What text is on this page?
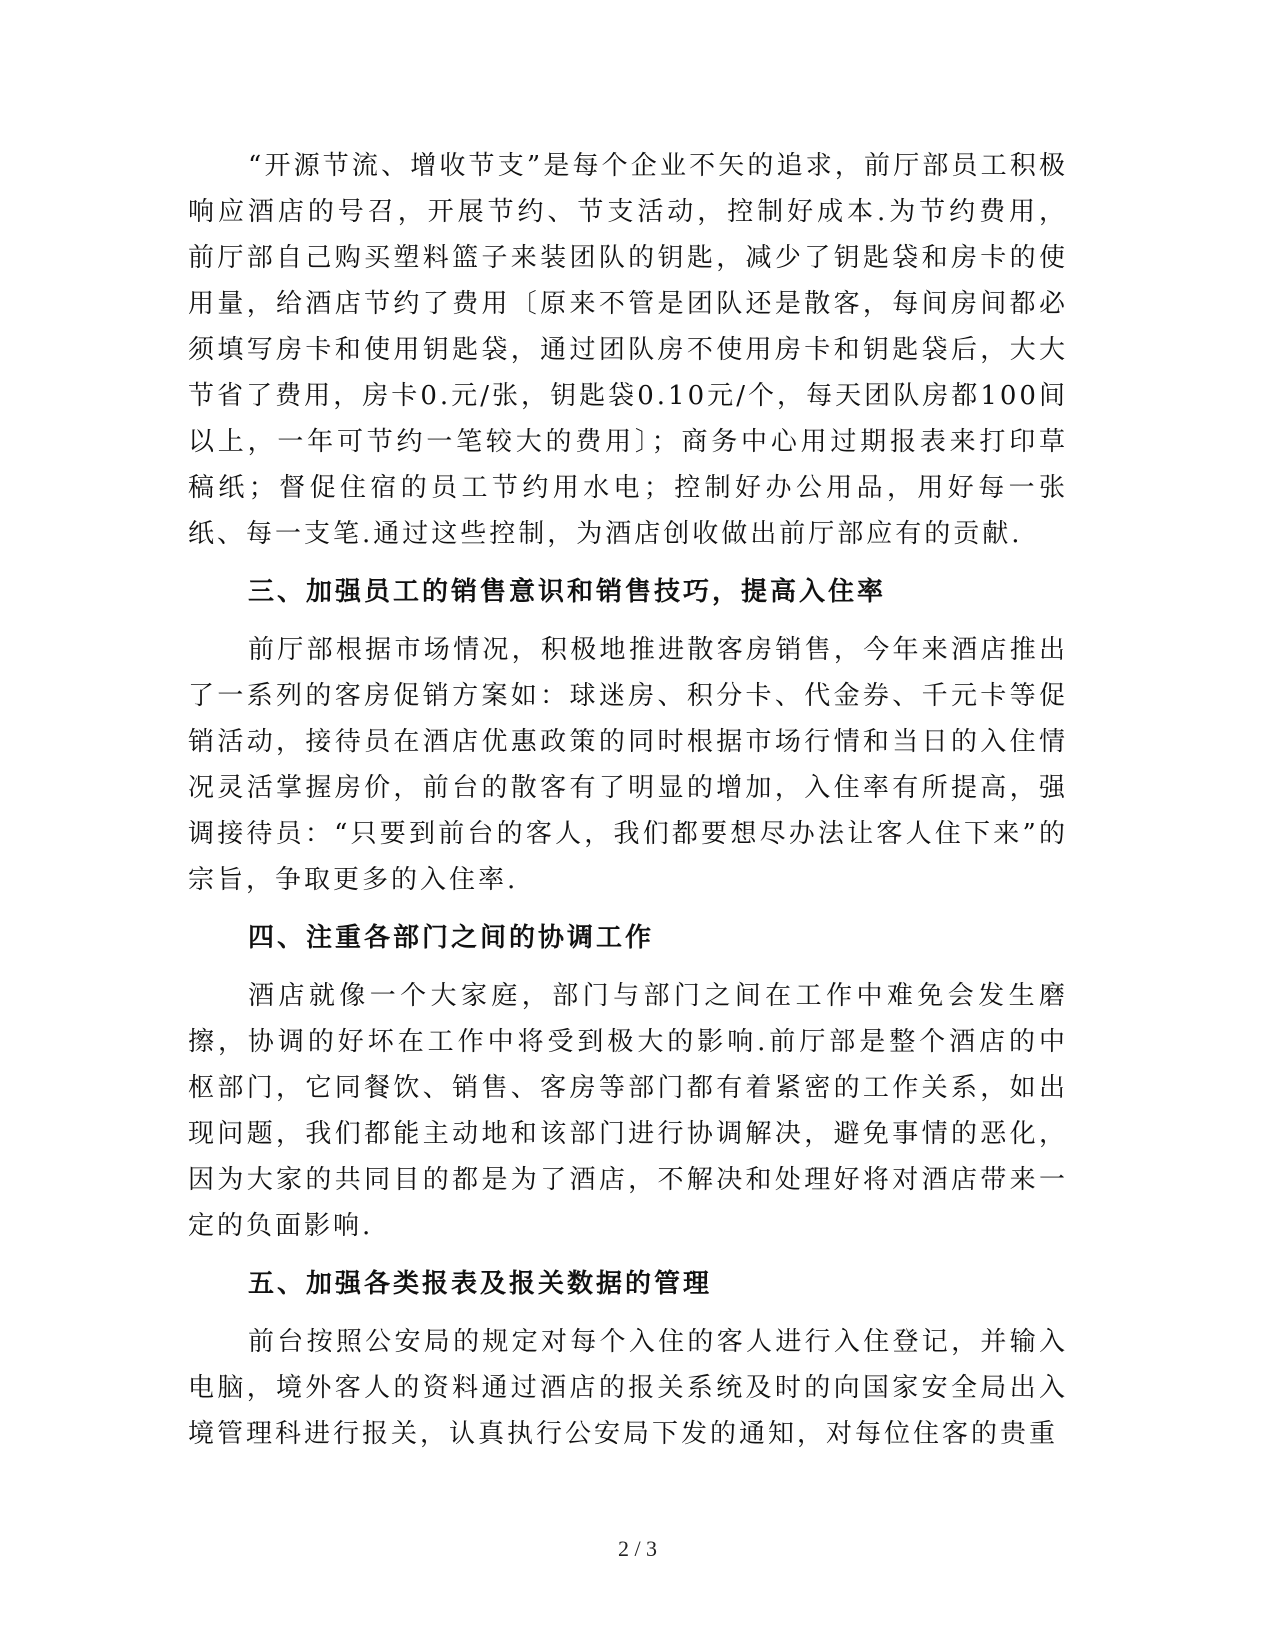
“开源节流、增收节支”是每个企业不矢的追求，前厅部员工积极响应酒店的号召，开展节约、节支活动，控制好成本.为节约费用，前厅部自己购买塑料篮子来装团队的钥匙，减少了钥匙袋和房卡的使用量，给酒店节约了费用〔原来不管是团队还是散客，每间房间都必须填写房卡和使用钥匙袋，通过团队房不使用房卡和钥匙袋后，大大节省了费用，房卡0.元/张，钥匙袋0.10元/个，每天团队房都100间以上，一年可节约一笔较大的费用〕；商务中心用过期报表来打印草稿纸；督促住宿的员工节约用水电；控制好办公用品，用好每一张纸、每一支笔.通过这些控制，为酒店创收做出前厅部应有的贡献.

三、加强员工的销售意识和销售技巧，提高入住率

前厅部根据市场情况，积极地推进散客房销售，今年来酒店推出了一系列的客房促销方案如：球迷房、积分卡、代金券、千元卡等促销活动，接待员在酒店优惠政策的同时根据市场行情和当日的入住情况灵活掌握房价，前台的散客有了明显的增加，入住率有所提高，强调接待员：“只要到前台的客人，我们都要想尽办法让客人住下来”的宗旨，争取更多的入住率.

四、注重各部门之间的协调工作

酒店就像一个大家庭，部门与部门之间在工作中难免会发生磨擦，协调的好坏在工作中将受到极大的影响.前厅部是整个酒店的中枢部门，它同餐饮、销售、客房等部门都有着紧密的工作关系，如出现问题，我们都能主动地和该部门进行协调解决，避免事情的恶化，因为大家的共同目的都是为了酒店，不解决和处理好将对酒店带来一定的负面影响.

五、加强各类报表及报关数据的管理

前台按照公安局的规定对每个入住的客人进行入住登记，并输入电脑，境外客人的资料通过酒店的报关系统及时的向国家安全局出入境管理科进行报关，认真执行公安局下发的通知，对每位住客的贵重

2 / 3
